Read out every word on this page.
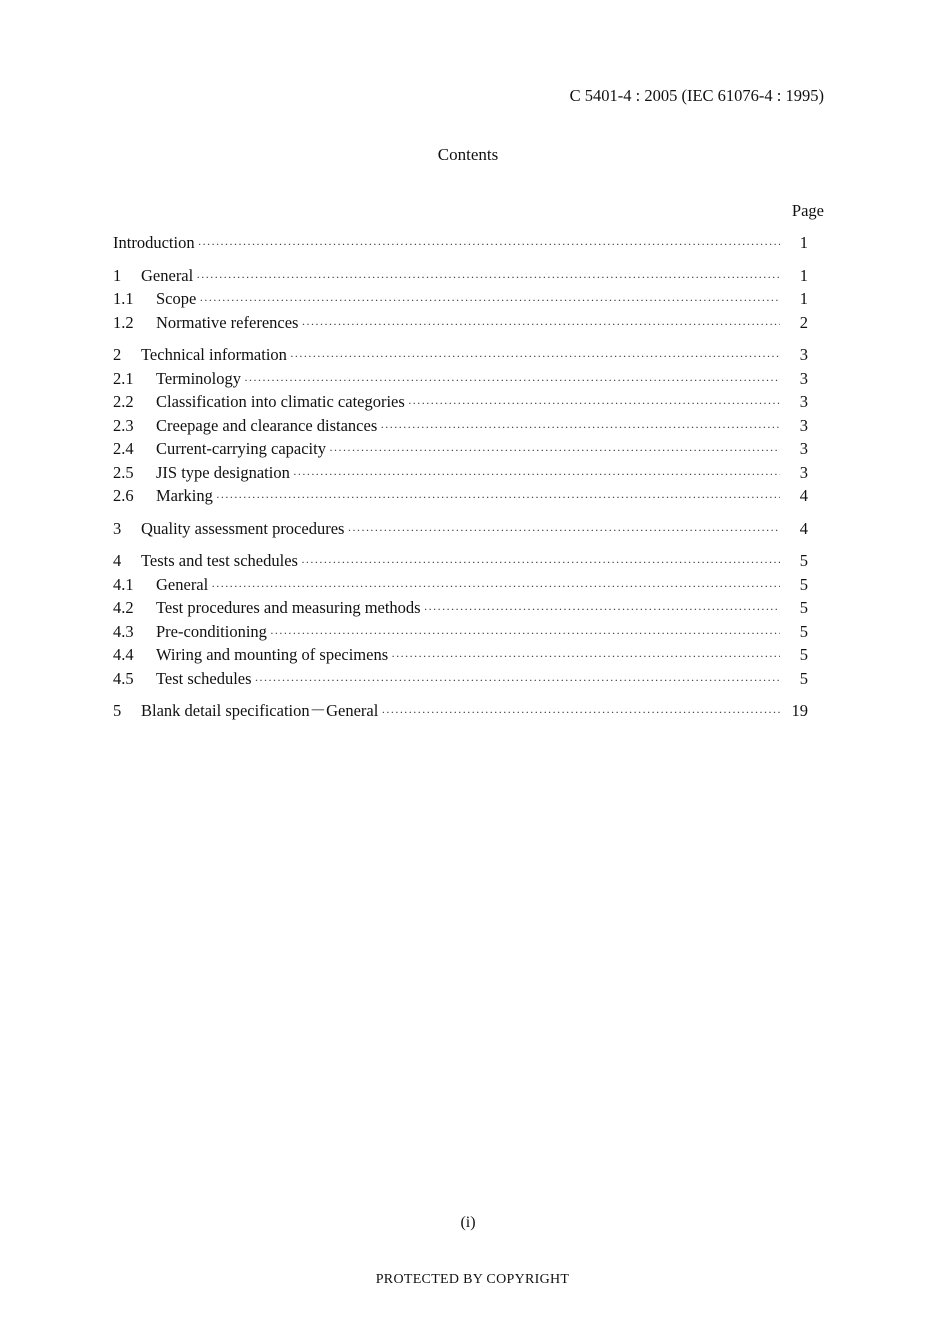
C 5401-4 : 2005 (IEC 61076-4 : 1995)
Contents
Page
Introduction ·····	1
1	General ·····	1
1.1	Scope ·····	1
1.2	Normative references ·····	2
2	Technical information ·····	3
2.1	Terminology ·····	3
2.2	Classification into climatic categories ·····	3
2.3	Creepage and clearance distances ·····	3
2.4	Current-carrying capacity ·····	3
2.5	JIS type designation ·····	3
2.6	Marking ·····	4
3	Quality assessment procedures ·····	4
4	Tests and test schedules ·····	5
4.1	General ·····	5
4.2	Test procedures and measuring methods ·····	5
4.3	Pre-conditioning ·····	5
4.4	Wiring and mounting of specimens ·····	5
4.5	Test schedules ·····	5
5	Blank detail specification－General ·····	19
(i)
PROTECTED BY COPYRIGHT
